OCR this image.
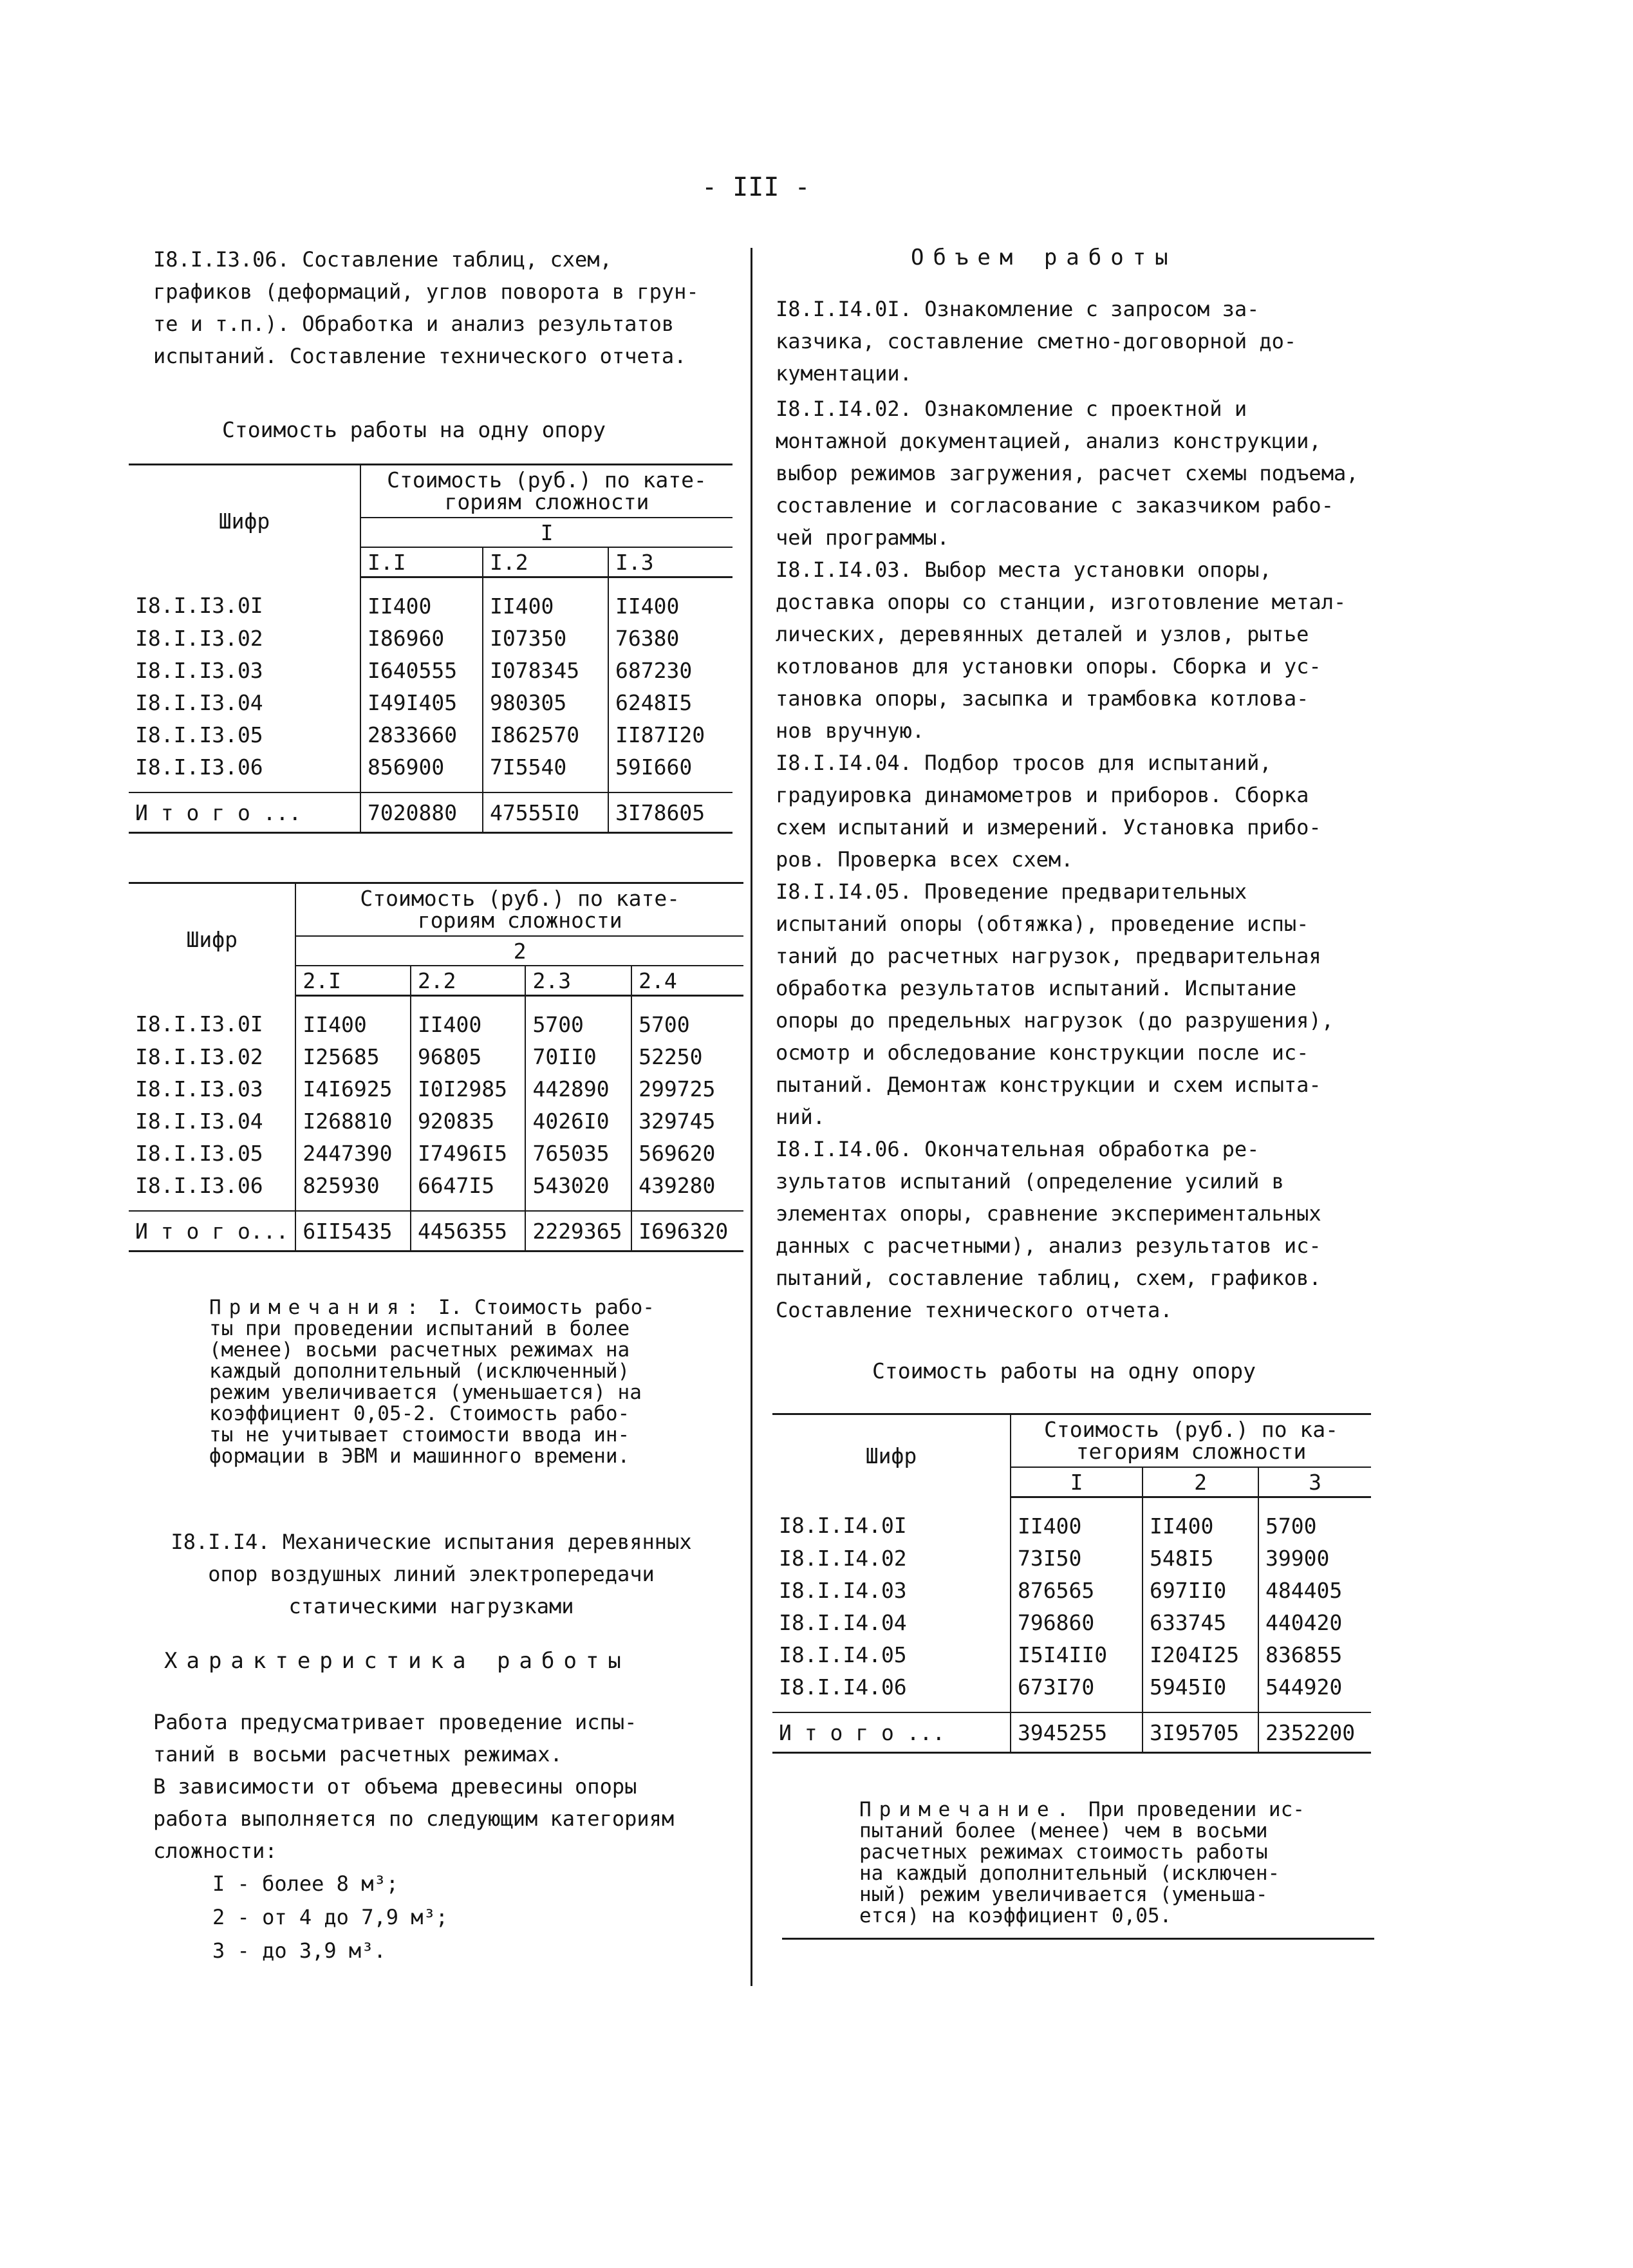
- III -
I8.I.I3.06. Составление таблиц, схем,
графиков (деформаций, углов поворота в грун-
те и т.п.). Обработка и анализ результатов
испытаний. Составление технического отчета.
Стоимость работы на одну опору
Шифр	Стоимость (руб.) по кате-
гориям сложности		
	I		
	I.I	I.2	I.3
I8.I.I3.0I	II400	II400	II400
I8.I.I3.02	I86960	I07350	76380
I8.I.I3.03	I640555	I078345	687230
I8.I.I3.04	I49I405	980305	6248I5
I8.I.I3.05	2833660	I862570	II87I20
I8.I.I3.06	856900	7I5540	59I660
И т о г о ...	7020880	47555I0	3I78605
Шифр	Стоимость (руб.) по кате-
гориям сложности			
	2			
	2.I	2.2	2.3	2.4
I8.I.I3.0I	II400	II400	5700	5700
I8.I.I3.02	I25685	96805	70II0	52250
I8.I.I3.03	I4I6925	I0I2985	442890	299725
I8.I.I3.04	I268810	920835	4026I0	329745
I8.I.I3.05	2447390	I7496I5	765035	569620
I8.I.I3.06	825930	6647I5	543020	439280
И т о г о...	6II5435	4456355	2229365	I696320
Примечания: I. Стоимость рабо-
ты при проведении испытаний в более
(менее) восьми расчетных режимах на
каждый дополнительный (исключенный)
режим увеличивается (уменьшается) на
коэффициент 0,05-2. Стоимость рабо-
ты не учитывает стоимости ввода ин-
формации в ЭВМ и машинного времени.
I8.I.I4. Механические испытания деревянных
опор воздушных линий электропередачи
статическими нагрузками
Характеристика работы
Работа предусматривает проведение испы-
таний в восьми расчетных режимах.
В зависимости от объема древесины опоры
работа выполняется по следующим категориям
сложности:
I - более 8 м³;
2 - от 4 до 7,9 м³;
3 - до 3,9 м³.
Объем работы
I8.I.I4.0I. Ознакомление с запросом за-
казчика, составление сметно-договорной до-
кументации.
I8.I.I4.02. Ознакомление с проектной и
монтажной документацией, анализ конструкции,
выбор режимов загружения, расчет схемы подъема,
составление и согласование с заказчиком рабо-
чей программы.
I8.I.I4.03. Выбор места установки опоры,
доставка опоры со станции, изготовление метал-
лических, деревянных деталей и узлов, рытье
котлованов для установки опоры. Сборка и ус-
тановка опоры, засыпка и трамбовка котлова-
нов вручную.
I8.I.I4.04. Подбор тросов для испытаний,
градуировка динамометров и приборов. Сборка
схем испытаний и измерений. Установка прибо-
ров. Проверка всех схем.
I8.I.I4.05. Проведение предварительных
испытаний опоры (обтяжка), проведение испы-
таний до расчетных нагрузок, предварительная
обработка результатов испытаний. Испытание
опоры до предельных нагрузок (до разрушения),
осмотр и обследование конструкции после ис-
пытаний. Демонтаж конструкции и схем испыта-
ний.
I8.I.I4.06. Окончательная обработка ре-
зультатов испытаний (определение усилий в
элементах опоры, сравнение экспериментальных
данных с расчетными), анализ результатов ис-
пытаний, составление таблиц, схем, графиков.
Составление технического отчета.
Стоимость работы на одну опору
Шифр	Стоимость (руб.) по ка-
тегориям сложности		
	I	2	3
I8.I.I4.0I	II400	II400	5700
I8.I.I4.02	73I50	548I5	39900
I8.I.I4.03	876565	697II0	484405
I8.I.I4.04	796860	633745	440420
I8.I.I4.05	I5I4II0	I204I25	836855
I8.I.I4.06	673I70	5945I0	544920
И т о г о ...	3945255	3I95705	2352200
Примечание. При проведении ис-
пытаний более (менее) чем в восьми
расчетных режимах стоимость работы
на каждый дополнительный (исключен-
ный) режим увеличивается (уменьша-
ется) на коэффициент 0,05.
